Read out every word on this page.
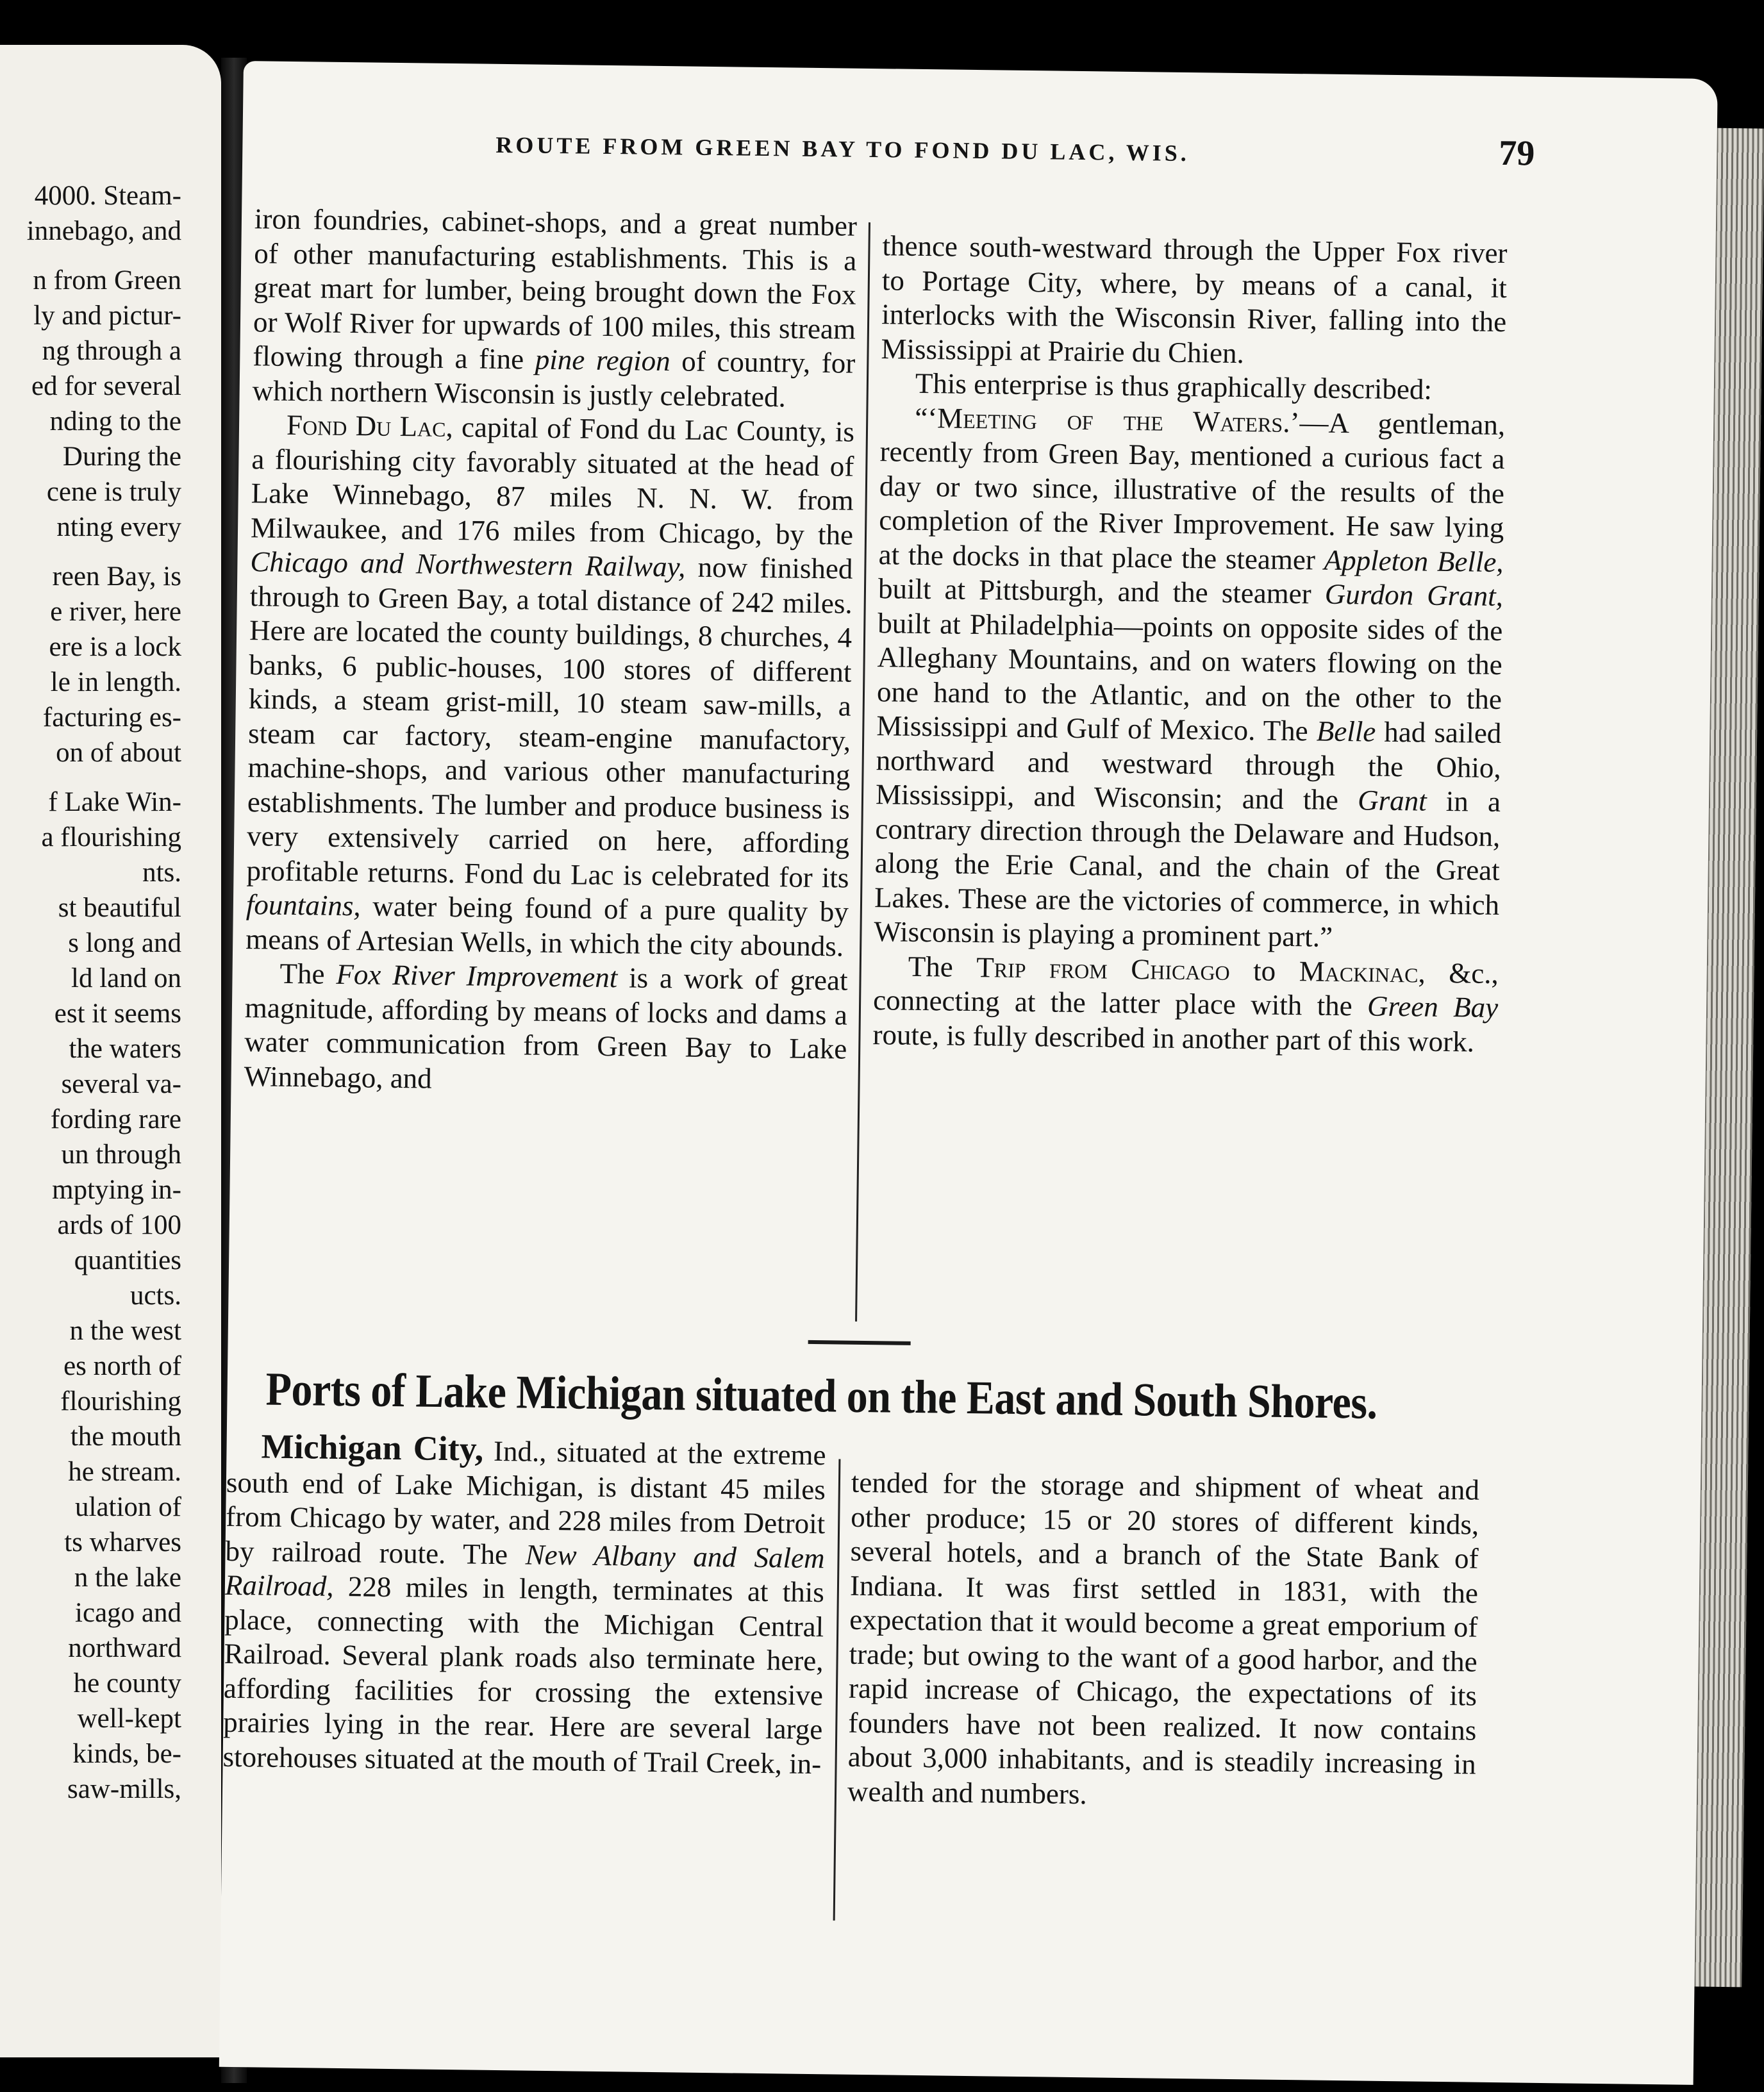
4000. Steam-
innebago, and
n from Green
ly and pictur-
ng through a
ed for several
nding to the
During the
cene is truly
nting every
reen Bay, is
e river, here
ere is a lock
le in length.
facturing es-
on of about
f Lake Win-
a flourishing
nts.
st beautiful
s long and
ld land on
est it seems
the waters
several va-
fording rare
un through
mptying in-
ards of 100
quantities
ucts.
n the west
es north of
flourishing
the mouth
he stream.
ulation of
ts wharves
n the lake
icago and
northward
he county
well-kept
kinds, be-
saw-mills,
ROUTE FROM GREEN BAY TO FOND DU LAC, WIS.	79

iron foundries, cabinet-shops, and a great number of other manufacturing establishments. This is a great mart for lumber, being brought down the Fox or Wolf River for upwards of 100 miles, this stream flowing through a fine pine region of country, for which northern Wisconsin is justly celebrated.

Fond Du Lac, capital of Fond du Lac County, is a flourishing city favorably situated at the head of Lake Winnebago, 87 miles N. N. W. from Milwaukee, and 176 miles from Chicago, by the Chicago and Northwestern Railway, now finished through to Green Bay, a total distance of 242 miles. Here are located the county buildings, 8 churches, 4 banks, 6 public-houses, 100 stores of different kinds, a steam grist-mill, 10 steam saw-mills, a steam car factory, steam-engine manufactory, machine-shops, and various other manufacturing establishments. The lumber and produce business is very extensively carried on here, affording profitable returns. Fond du Lac is celebrated for its fountains, water being found of a pure quality by means of Artesian Wells, in which the city abounds.

The Fox River Improvement is a work of great magnitude, affording by means of locks and dams a water communication from Green Bay to Lake Winnebago, and

thence south-westward through the Upper Fox river to Portage City, where, by means of a canal, it interlocks with the Wisconsin River, falling into the Mississippi at Prairie du Chien.

This enterprise is thus graphically described:

“‘Meeting of the Waters.’—A gentleman, recently from Green Bay, mentioned a curious fact a day or two since, illustrative of the results of the completion of the River Improvement. He saw lying at the docks in that place the steamer Appleton Belle, built at Pittsburgh, and the steamer Gurdon Grant, built at Philadelphia—points on opposite sides of the Alleghany Mountains, and on waters flowing on the one hand to the Atlantic, and on the other to the Mississippi and Gulf of Mexico. The Belle had sailed northward and westward through the Ohio, Mississippi, and Wisconsin; and the Grant in a contrary direction through the Delaware and Hudson, along the Erie Canal, and the chain of the Great Lakes. These are the victories of commerce, in which Wisconsin is playing a prominent part.”

The Trip from Chicago to Mackinac, &c., connecting at the latter place with the Green Bay route, is fully described in another part of this work.

Ports of Lake Michigan situated on the East and South Shores.

Michigan City, Ind., situated at the extreme south end of Lake Michigan, is distant 45 miles from Chicago by water, and 228 miles from Detroit by railroad route. The New Albany and Salem Railroad, 228 miles in length, terminates at this place, connecting with the Michigan Central Railroad. Several plank roads also terminate here, affording facilities for crossing the extensive prairies lying in the rear. Here are several large storehouses situated at the mouth of Trail Creek, in-

tended for the storage and shipment of wheat and other produce; 15 or 20 stores of different kinds, several hotels, and a branch of the State Bank of Indiana. It was first settled in 1831, with the expectation that it would become a great emporium of trade; but owing to the want of a good harbor, and the rapid increase of Chicago, the expectations of its founders have not been realized. It now contains about 3,000 inhabitants, and is steadily increasing in wealth and numbers.
